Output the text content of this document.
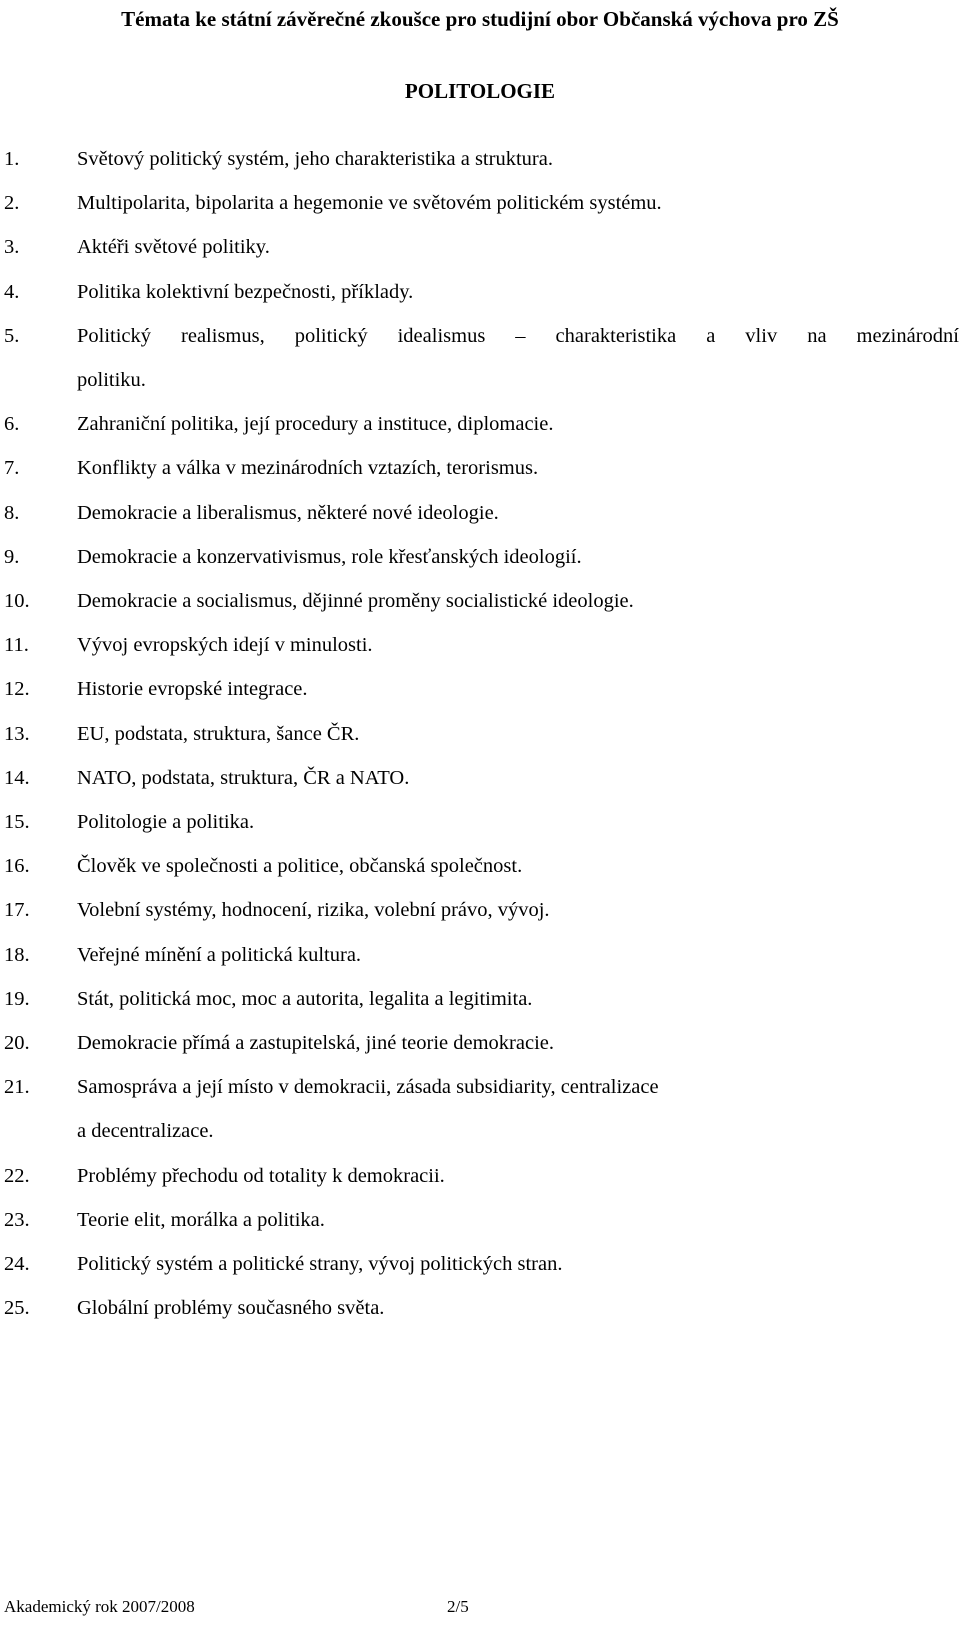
Témata ke státní závěrečné zkoušce pro studijní obor Občanská výchova pro ZŠ
POLITOLOGIE
1.	Světový politický systém, jeho charakteristika a struktura.
2.	Multipolarita, bipolarita a hegemonie ve světovém politickém systému.
3.	Aktéři světové politiky.
4.	Politika kolektivní bezpečnosti, příklady.
5.	Politický realismus, politický idealismus – charakteristika a vliv na mezinárodní
politiku.
6.	Zahraniční politika, její procedury a instituce, diplomacie.
7.	Konflikty a válka v mezinárodních vztazích, terorismus.
8.	Demokracie a liberalismus, některé nové ideologie.
9.	Demokracie a konzervativismus, role křesťanských ideologií.
10.	Demokracie a socialismus, dějinné proměny socialistické ideologie.
11.	Vývoj evropských idejí v minulosti.
12.	Historie evropské integrace.
13.	EU, podstata, struktura, šance ČR.
14.	NATO, podstata, struktura, ČR a NATO.
15.	Politologie a politika.
16.	Člověk ve společnosti a politice, občanská společnost.
17.	Volební systémy, hodnocení, rizika, volební právo, vývoj.
18.	Veřejné mínění a politická kultura.
19.	Stát, politická moc, moc a autorita, legalita a legitimita.
20.	Demokracie přímá a zastupitelská, jiné teorie demokracie.
21.	Samospráva a její místo v demokracii, zásada subsidiarity, centralizace
a decentralizace.
22.	Problémy přechodu od totality k demokracii.
23.	Teorie elit, morálka a politika.
24.	Politický systém a politické strany, vývoj politických stran.
25.	Globální problémy současného světa.
Akademický rok 2007/2008	2/5
